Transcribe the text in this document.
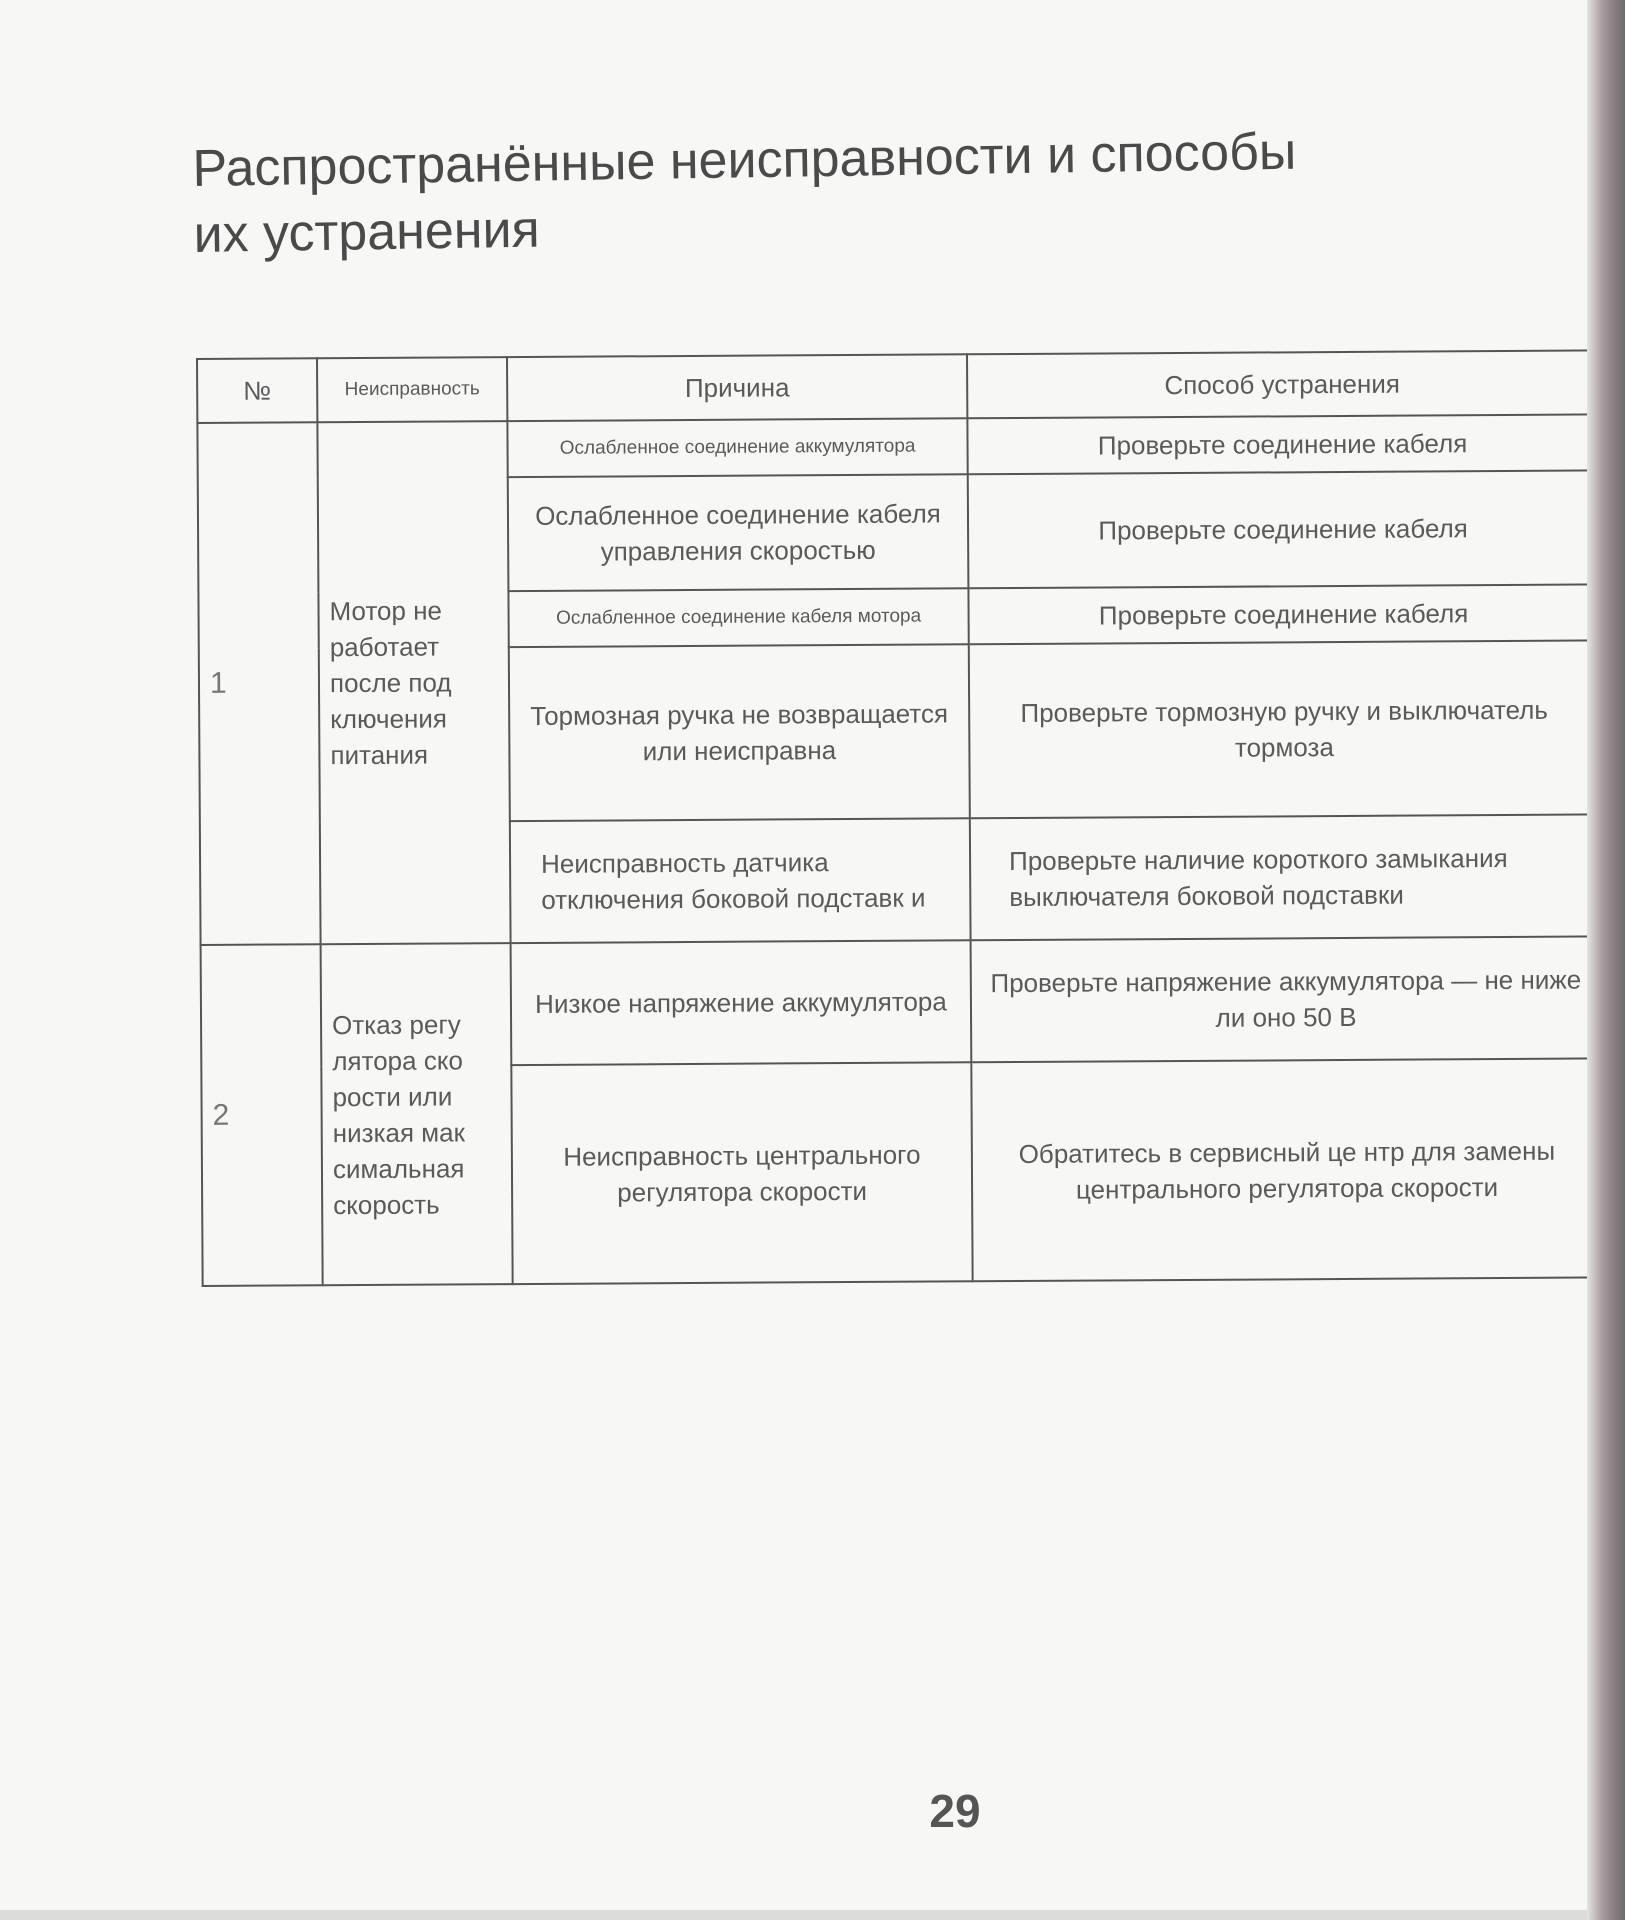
Распространённые неисправности и способы
их устранения
№	Неисправность	Причина	Способ устранения
1	Мотор не работает после под ключения питания	Ослабленное соединение аккумулятора	Проверьте соединение кабеля
		Ослабленное соединение кабеля управления скоростью	Проверьте соединение кабеля
		Ослабленное соединение кабеля мотора	Проверьте соединение кабеля
		Тормозная ручка не возвращается или неисправна	Проверьте тормозную ручку и выключатель тормоза
		Неисправность датчика отключения боковой подставк и	Проверьте наличие короткого замыкания выключателя боковой подставки
2	Отказ регу лятора ско рости или низкая мак симальная скорость	Низкое напряжение аккумулятора	Проверьте напряжение аккумулятора — не ниже ли оно 50 В
		Неисправность центрального регулятора скорости	Обратитесь в сервисный це нтр для замены центрального регулятора скорости
29
